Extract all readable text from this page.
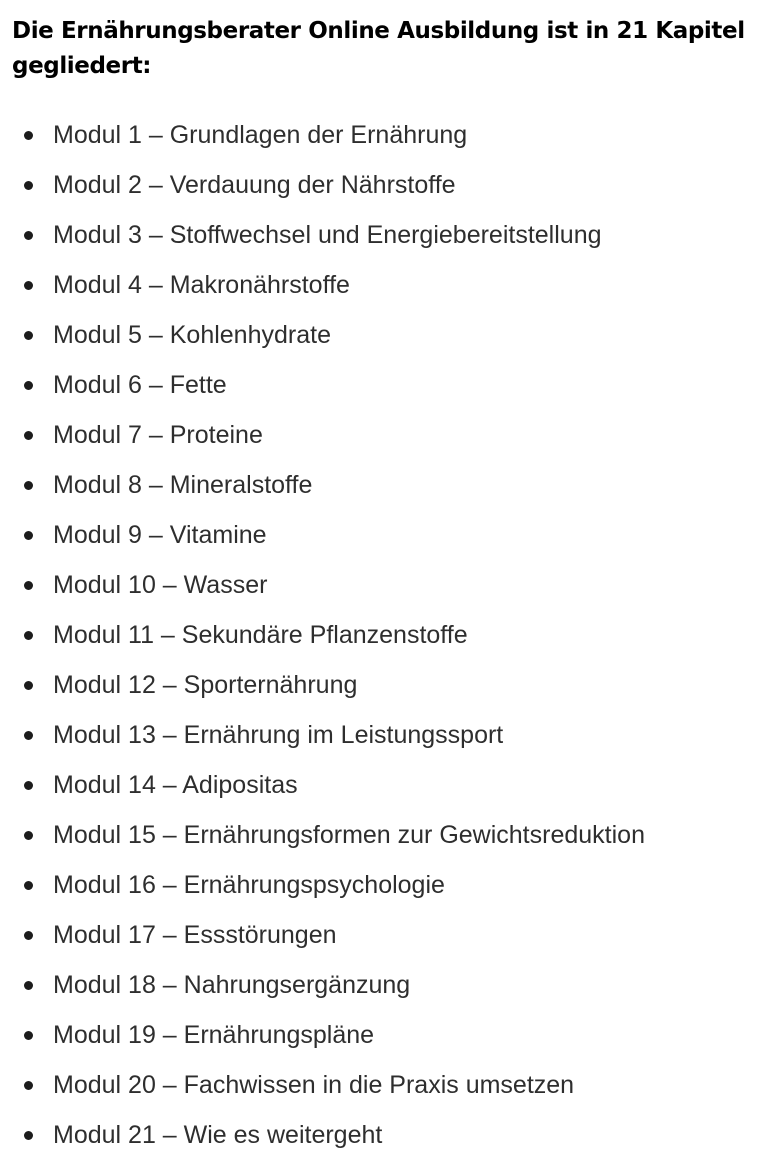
Die Ernährungsberater Online Ausbildung ist in 21 Kapitel gegliedert:
Modul 1 – Grundlagen der Ernährung
Modul 2 – Verdauung der Nährstoffe
Modul 3 – Stoffwechsel und Energiebereitstellung
Modul 4 – Makronährstoffe
Modul 5 – Kohlenhydrate
Modul 6 – Fette
Modul 7 – Proteine
Modul 8 – Mineralstoffe
Modul 9 – Vitamine
Modul 10 – Wasser
Modul 11 – Sekundäre Pflanzenstoffe
Modul 12 – Sporternährung
Modul 13 – Ernährung im Leistungssport
Modul 14 – Adipositas
Modul 15 – Ernährungsformen zur Gewichtsreduktion
Modul 16 – Ernährungspsychologie
Modul 17 – Essstörungen
Modul 18 – Nahrungsergänzung
Modul 19 – Ernährungspläne
Modul 20 – Fachwissen in die Praxis umsetzen
Modul 21 – Wie es weitergeht
